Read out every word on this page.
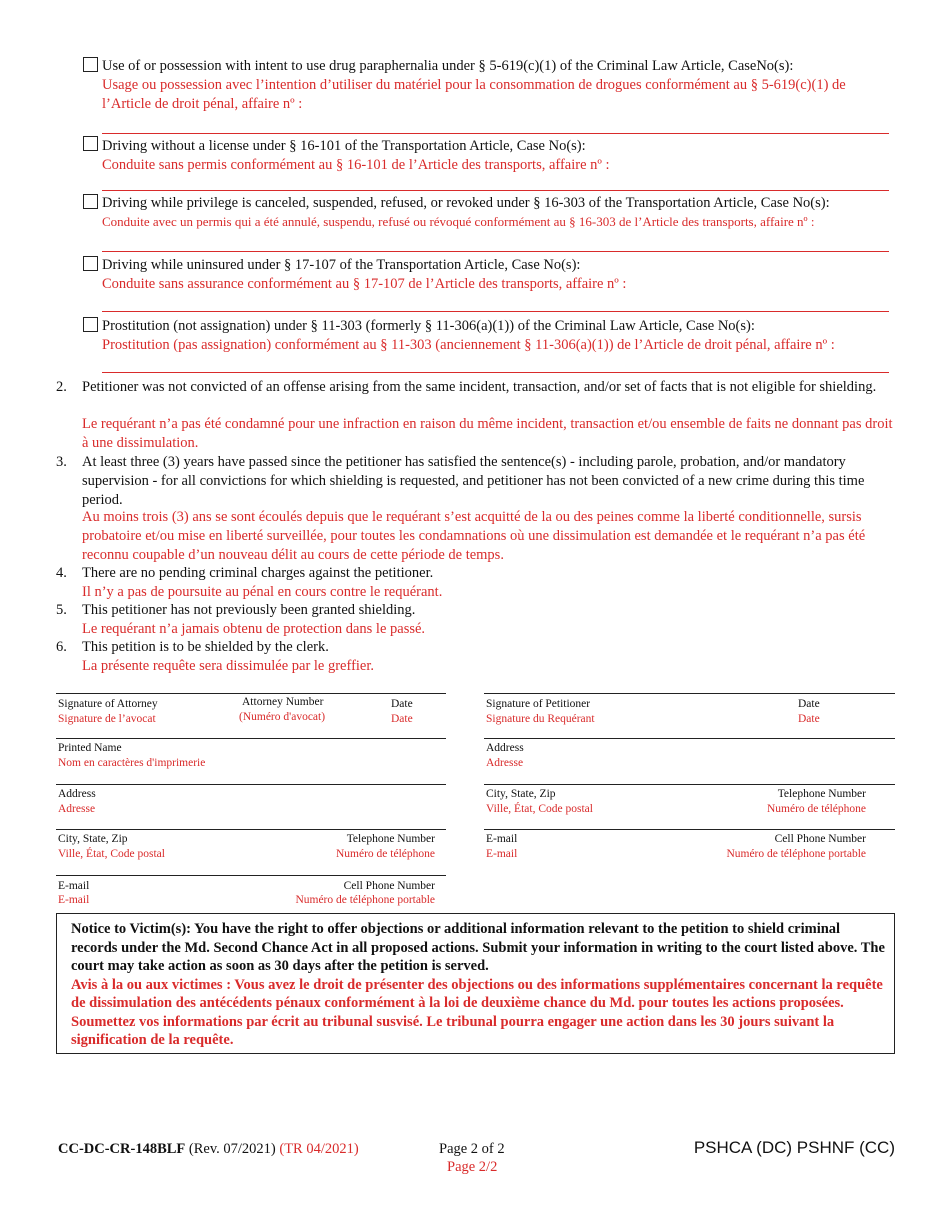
Use of or possession with intent to use drug paraphernalia under § 5-619(c)(1) of the Criminal Law Article, CaseNo(s):
Usage ou possession avec l’intention d’utiliser du matériel pour la consommation de drogues conformément au § 5-619(c)(1) de l’Article de droit pénal, affaire nº :
Driving without a license under § 16-101 of the Transportation Article, Case No(s):
Conduite sans permis conformément au § 16-101 de l’Article des transports, affaire nº :
Driving while privilege is canceled, suspended, refused, or revoked under § 16-303 of the Transportation Article, Case No(s):
Conduite avec un permis qui a été annulé, suspendu, refusé ou révoqué conformément au § 16-303 de l’Article des transports, affaire nº :
Driving while uninsured under § 17-107 of the Transportation Article, Case No(s):
Conduite sans assurance conformément au § 17-107 de l’Article des transports, affaire nº :
Prostitution (not assignation) under § 11-303 (formerly § 11-306(a)(1)) of the Criminal Law Article, Case No(s):
Prostitution (pas assignation) conformément au § 11-303 (anciennement § 11-306(a)(1)) de l’Article de droit pénal, affaire nº :
2. Petitioner was not convicted of an offense arising from the same incident, transaction, and/or set of facts that is not eligible for shielding.
Le requérant n’a pas été condamné pour une infraction en raison du même incident, transaction et/ou ensemble de faits ne donnant pas droit à une dissimulation.
3. At least three (3) years have passed since the petitioner has satisfied the sentence(s) - including parole, probation, and/or mandatory supervision - for all convictions for which shielding is requested, and petitioner has not been convicted of a new crime during this time period.
Au moins trois (3) ans se sont écoulés depuis que le requérant s’est acquitté de la ou des peines comme la liberté conditionnelle, sursis probatoire et/ou mise en liberté surveillée, pour toutes les condamnations où une dissimulation est demandée et le requérant n’a pas été reconnu coupable d’un nouveau délit au cours de cette période de temps.
4. There are no pending criminal charges against the petitioner.
Il n’y a pas de poursuite au pénal en cours contre le requérant.
5. This petitioner has not previously been granted shielding.
Le requérant n’a jamais obtenu de protection dans le passé.
6. This petition is to be shielded by the clerk.
La présente requête sera dissimulée par le greffier.
Signature of Attorney
Signature de l’avocat
Attorney Number
(Numéro d'avocat)
Date
Date
Printed Name
Nom en caractères d'imprimerie
Address
Adresse
City, State, Zip
Ville, État, Code postal
Telephone Number
Numéro de téléphone
E-mail
E-mail
Cell Phone Number
Numéro de téléphone portable
Signature of Petitioner
Signature du Requérant
Date
Date
Address
Adresse
City, State, Zip
Ville, État, Code postal
Telephone Number
Numéro de téléphone
E-mail
E-mail
Cell Phone Number
Numéro de téléphone portable

Notice to Victim(s): You have the right to offer objections or additional information relevant to the petition to shield criminal records under the Md. Second Chance Act in all proposed actions. Submit your information in writing to the court listed above. The court may take action as soon as 30 days after the petition is served.

Avis à la ou aux victimes : Vous avez le droit de présenter des objections ou des informations supplémentaires concernant la requête de dissimulation des antécédents pénaux conformément à la loi de deuxième chance du Md. pour toutes les actions proposées. Soumettez vos informations par écrit au tribunal susvisé. Le tribunal pourra engager une action dans les 30 jours suivant la signification de la requête.

CC-DC-CR-148BLF (Rev. 07/2021) (TR 04/2021)	Page 2 of 2
Page 2/2
PSHCA (DC) PSHNF (CC)
